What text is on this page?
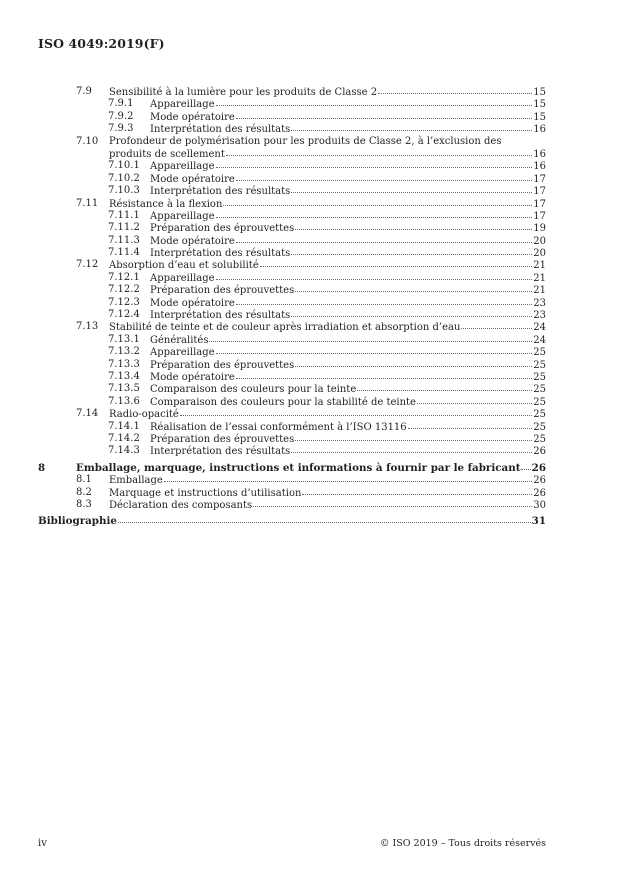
ISO 4049:2019(F)
7.9 Sensibilité à la lumière pour les produits de Classe 2	15
7.9.1 Appareillage	15
7.9.2 Mode opératoire	15
7.9.3 Interprétation des résultats	16
7.10 Profondeur de polymérisation pour les produits de Classe 2, à l’exclusion des
produits de scellement	16
7.10.1 Appareillage	16
7.10.2 Mode opératoire	17
7.10.3 Interprétation des résultats	17
7.11 Résistance à la flexion	17
7.11.1 Appareillage	17
7.11.2 Préparation des éprouvettes	19
7.11.3 Mode opératoire	20
7.11.4 Interprétation des résultats	20
7.12 Absorption d’eau et solubilité	21
7.12.1 Appareillage	21
7.12.2 Préparation des éprouvettes	21
7.12.3 Mode opératoire	23
7.12.4 Interprétation des résultats	23
7.13 Stabilité de teinte et de couleur après irradiation et absorption d’eau	24
7.13.1 Généralités	24
7.13.2 Appareillage	25
7.13.3 Préparation des éprouvettes	25
7.13.4 Mode opératoire	25
7.13.5 Comparaison des couleurs pour la teinte	25
7.13.6 Comparaison des couleurs pour la stabilité de teinte	25
7.14 Radio-opacité	25
7.14.1 Réalisation de l’essai conformément à l’ISO 13116	25
7.14.2 Préparation des éprouvettes	25
7.14.3 Interprétation des résultats	26
8	Emballage, marquage, instructions et informations à fournir par le fabricant 26
8.1 Emballage	26
8.2 Marquage et instructions d’utilisation	26
8.3 Déclaration des composants	30
Bibliographie	31
iv	© ISO 2019 – Tous droits réservés
